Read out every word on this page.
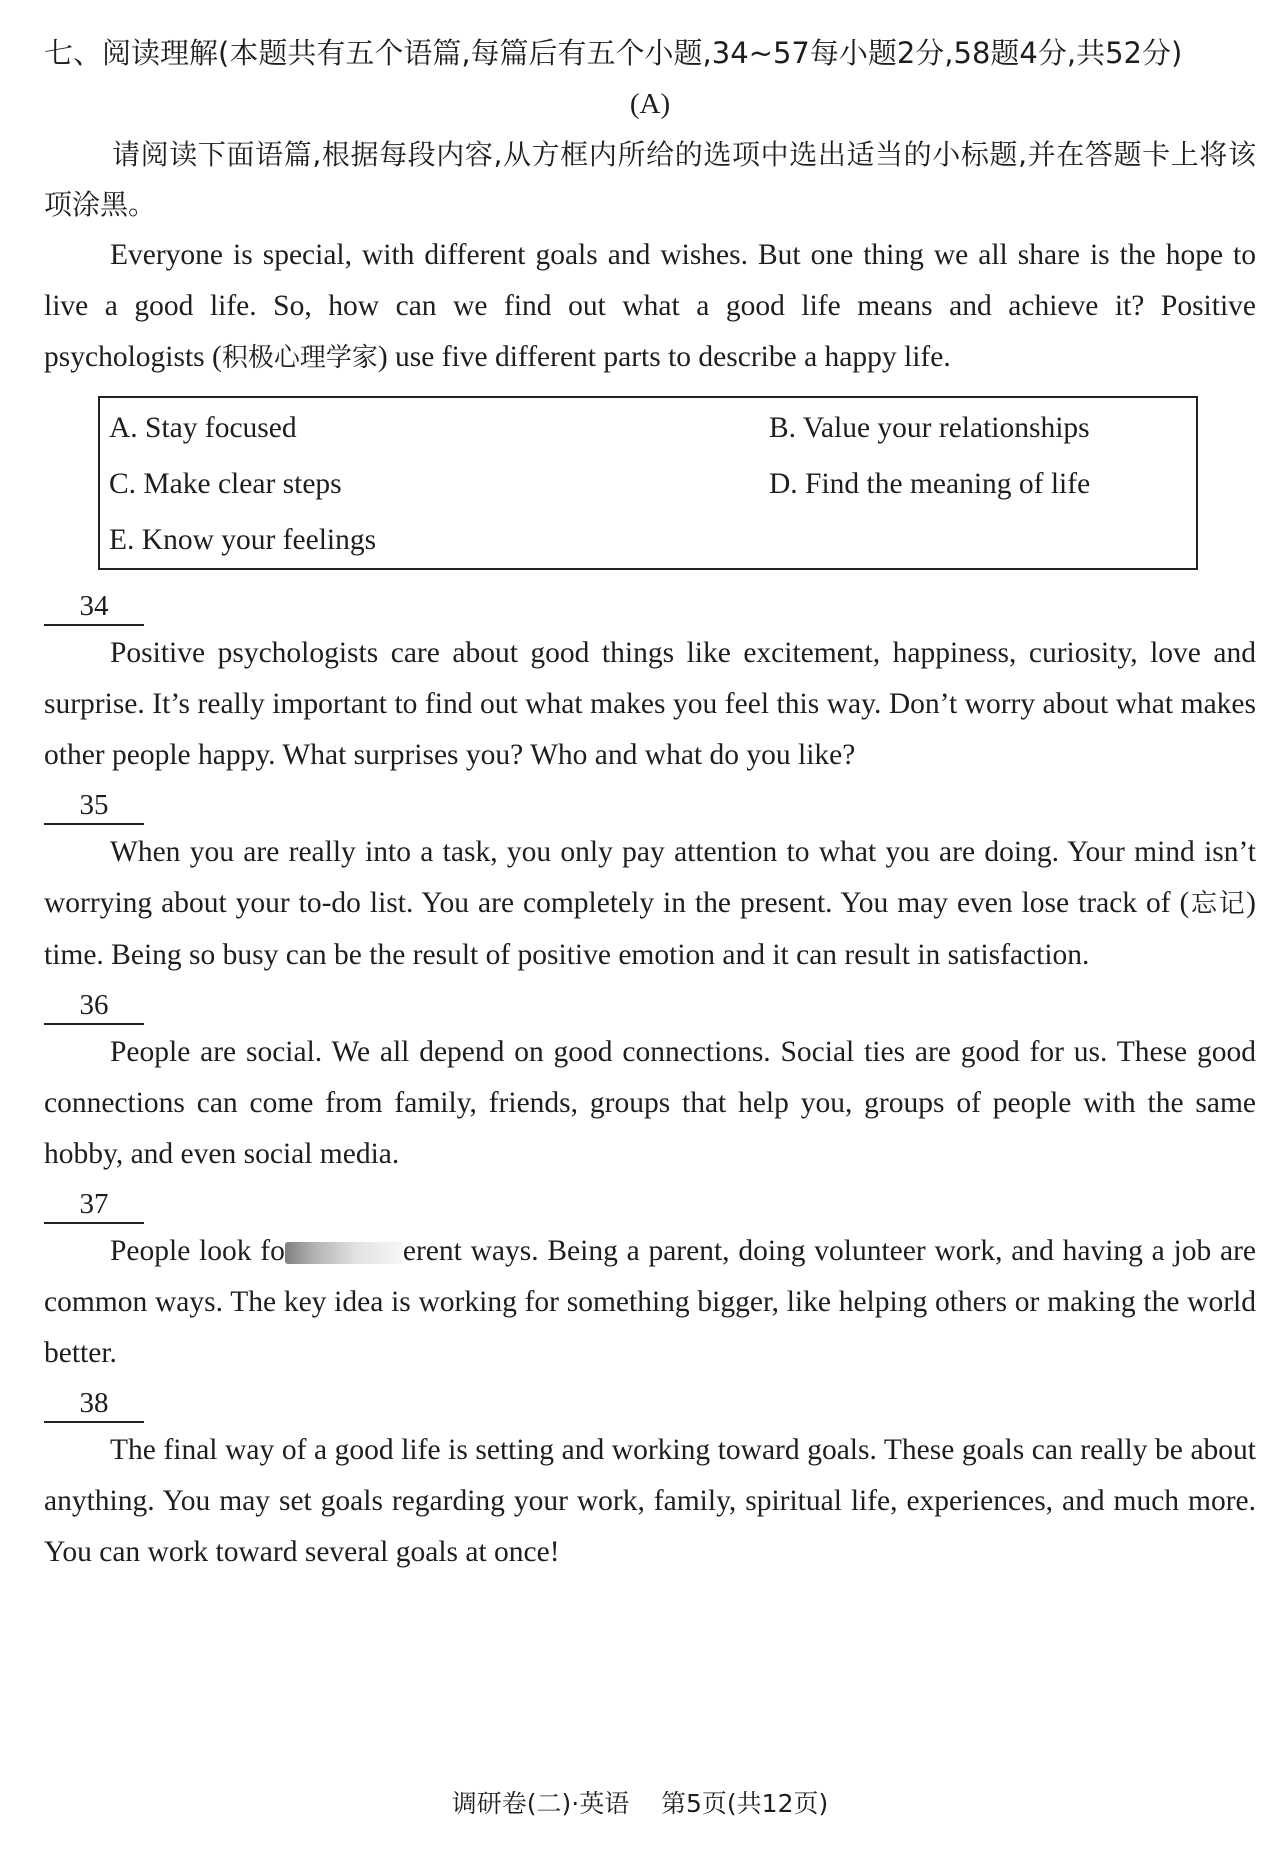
七、阅读理解(本题共有五个语篇,每篇后有五个小题,34~57每小题2分,58题4分,共52分)

(A)

请阅读下面语篇,根据每段内容,从方框内所给的选项中选出适当的小标题,并在答题卡上将该项涂黑。

Everyone is special, with different goals and wishes. But one thing we all share is the hope to live a good life. So, how can we find out what a good life means and achieve it? Positive psychologists (积极心理学家) use five different parts to describe a happy life.

A. Stay focused	B. Value your relationships
C. Make clear steps	D. Find the meaning of life
E. Know your feelings
34

Positive psychologists care about good things like excitement, happiness, curiosity, love and surprise. It’s really important to find out what makes you feel this way. Don’t worry about what makes other people happy. What surprises you? Who and what do you like?

35

When you are really into a task, you only pay attention to what you are doing. Your mind isn’t worrying about your to-do list. You are completely in the present. You may even lose track of (忘记) time. Being so busy can be the result of positive emotion and it can result in satisfaction.

36

People are social. We all depend on good connections. Social ties are good for us. These good connections can come from family, friends, groups that help you, groups of people with the same hobby, and even social media.

37

People look fo	erent ways. Being a parent, doing volunteer work, and having a job are common ways. The key idea is working for something bigger, like helping others or making the world better.

38

The final way of a good life is setting and working toward goals. These goals can really be about anything. You may set goals regarding your work, family, spiritual life, experiences, and much more. You can work toward several goals at once!

调研卷(二)·英语    第5页(共12页)
